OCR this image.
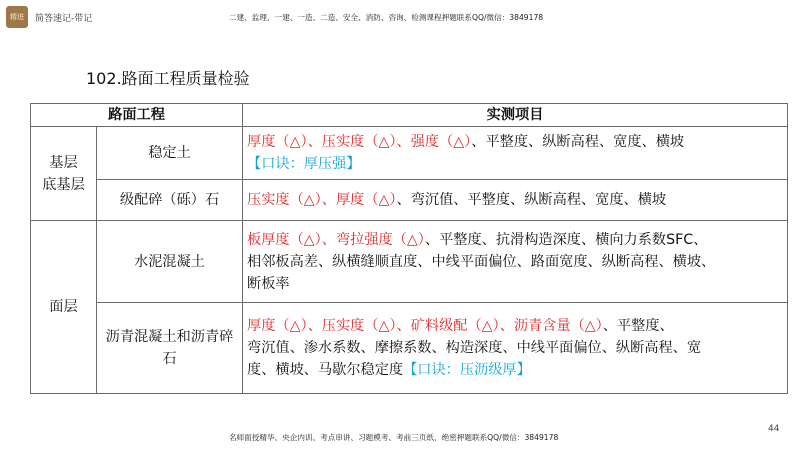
精进 简答速记-带记	二建、监理、一建、一造、二造、安全、消防、咨询、检测课程押题联系QQ/微信：3849178
102.路面工程质量检验
路面工程		实测项目

基层
底基层	稳定土	厚度（△）、压实度（△）、强度（△）、平整度、纵断高程、宽度、横坡
【口诀：厚压强】

	级配碎（砾）石	压实度（△）、厚度（△）、弯沉值、平整度、纵断高程、宽度、横坡

面层	水泥混凝土	板厚度（△）、弯拉强度（△）、平整度、抗滑构造深度、横向力系数SFC、
相邻板高差、纵横缝顺直度、中线平面偏位、路面宽度、纵断高程、横坡、
断板率

	沥青混凝土和沥青碎石	厚度（△）、压实度（△）、矿料级配（△）、沥青含量（△）、平整度、
弯沉值、渗水系数、摩擦系数、构造深度、中线平面偏位、纵断高程、宽
度、横坡、马歇尔稳定度【口诀：压沥级厚】
名师面授精华、央企内训、考点串讲、习题模考、考前三页纸、绝密押题联系QQ/微信：3849178
44
